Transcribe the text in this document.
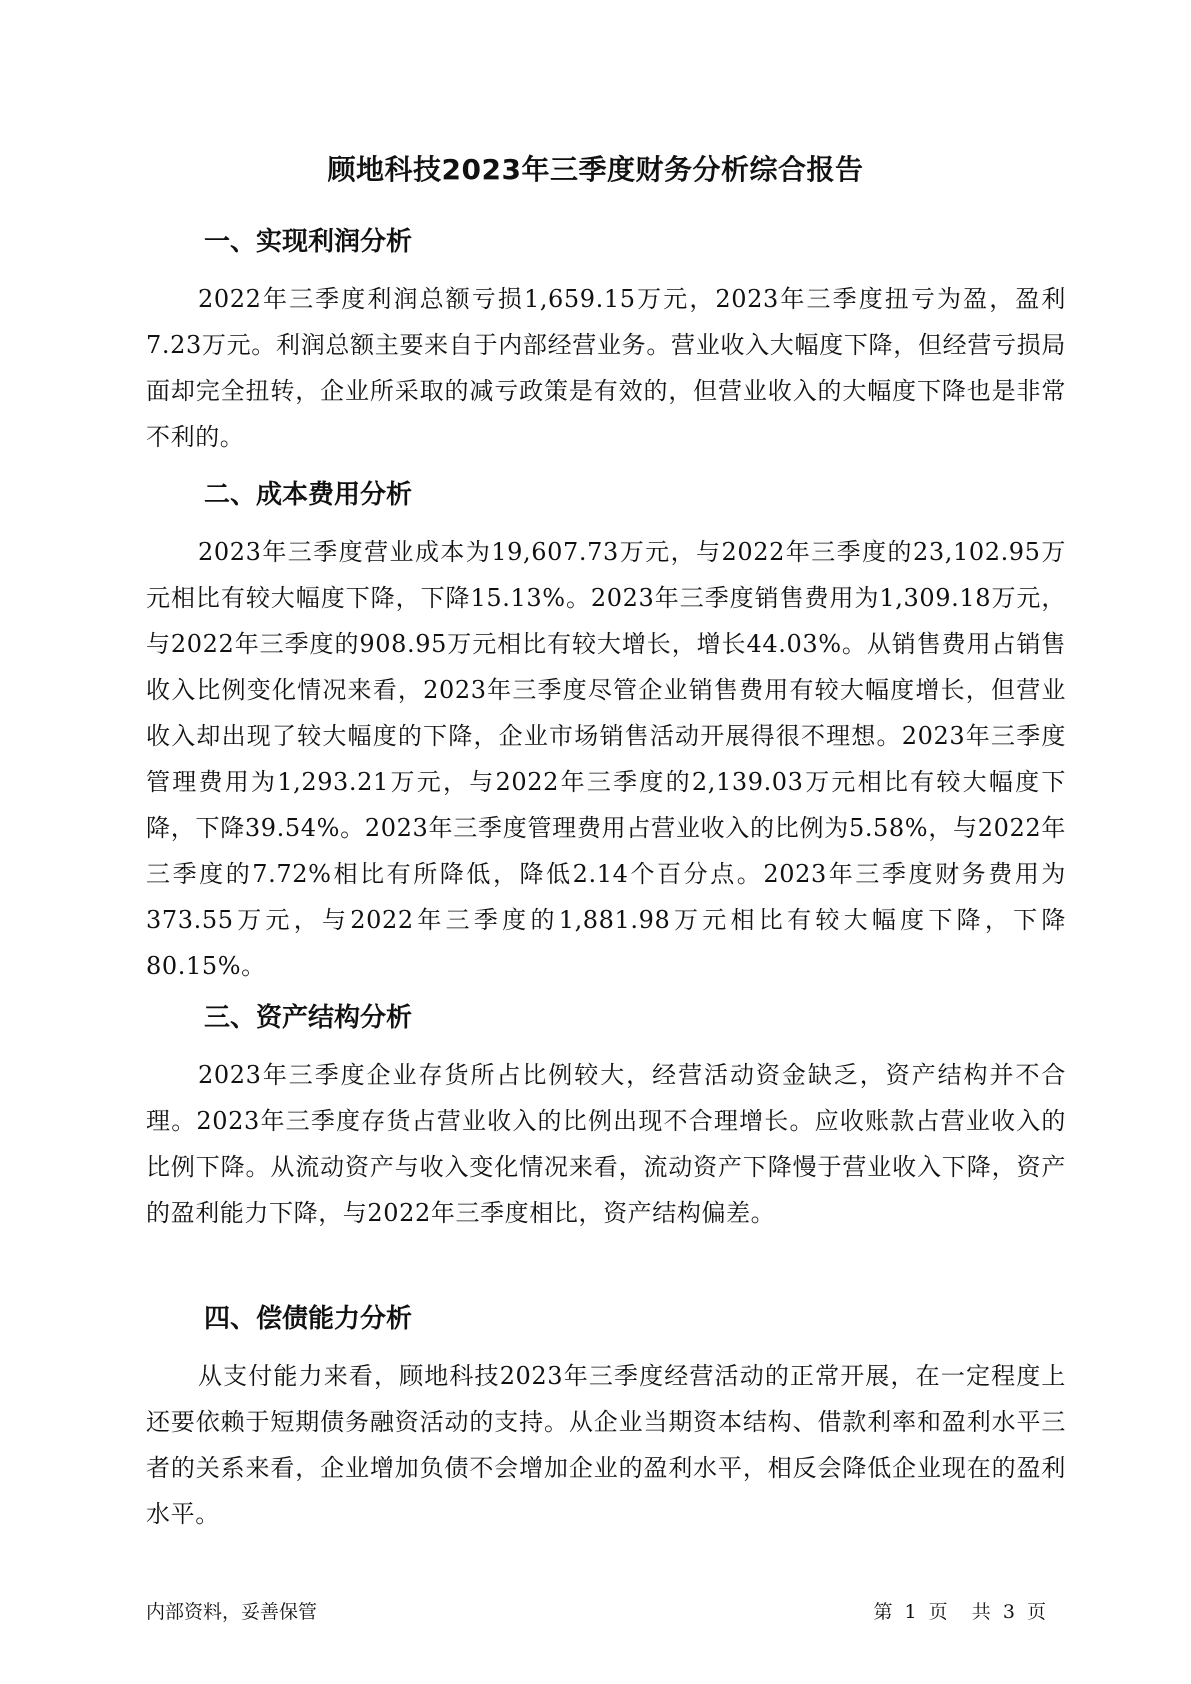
顾地科技2023年三季度财务分析综合报告
一、实现利润分析

2022年三季度利润总额亏损1,659.15万元，2023年三季度扭亏为盈，盈利7.23万元。利润总额主要来自于内部经营业务。营业收入大幅度下降，但经营亏损局面却完全扭转，企业所采取的减亏政策是有效的，但营业收入的大幅度下降也是非常不利的。

二、成本费用分析

2023年三季度营业成本为19,607.73万元，与2022年三季度的23,102.95万元相比有较大幅度下降，下降15.13%。2023年三季度销售费用为1,309.18万元，与2022年三季度的908.95万元相比有较大增长，增长44.03%。从销售费用占销售收入比例变化情况来看，2023年三季度尽管企业销售费用有较大幅度增长，但营业收入却出现了较大幅度的下降，企业市场销售活动开展得很不理想。2023年三季度管理费用为1,293.21万元，与2022年三季度的2,139.03万元相比有较大幅度下降，下降39.54%。2023年三季度管理费用占营业收入的比例为5.58%，与2022年三季度的7.72%相比有所降低，降低2.14个百分点。2023年三季度财务费用为373.55万元，与2022年三季度的1,881.98万元相比有较大幅度下降，下降80.15%。

三、资产结构分析

2023年三季度企业存货所占比例较大，经营活动资金缺乏，资产结构并不合理。2023年三季度存货占营业收入的比例出现不合理增长。应收账款占营业收入的比例下降。从流动资产与收入变化情况来看，流动资产下降慢于营业收入下降，资产的盈利能力下降，与2022年三季度相比，资产结构偏差。

四、偿债能力分析

从支付能力来看，顾地科技2023年三季度经营活动的正常开展，在一定程度上还要依赖于短期债务融资活动的支持。从企业当期资本结构、借款利率和盈利水平三者的关系来看，企业增加负债不会增加企业的盈利水平，相反会降低企业现在的盈利水平。

内部资料，妥善保管	第 1 页 共 3 页
